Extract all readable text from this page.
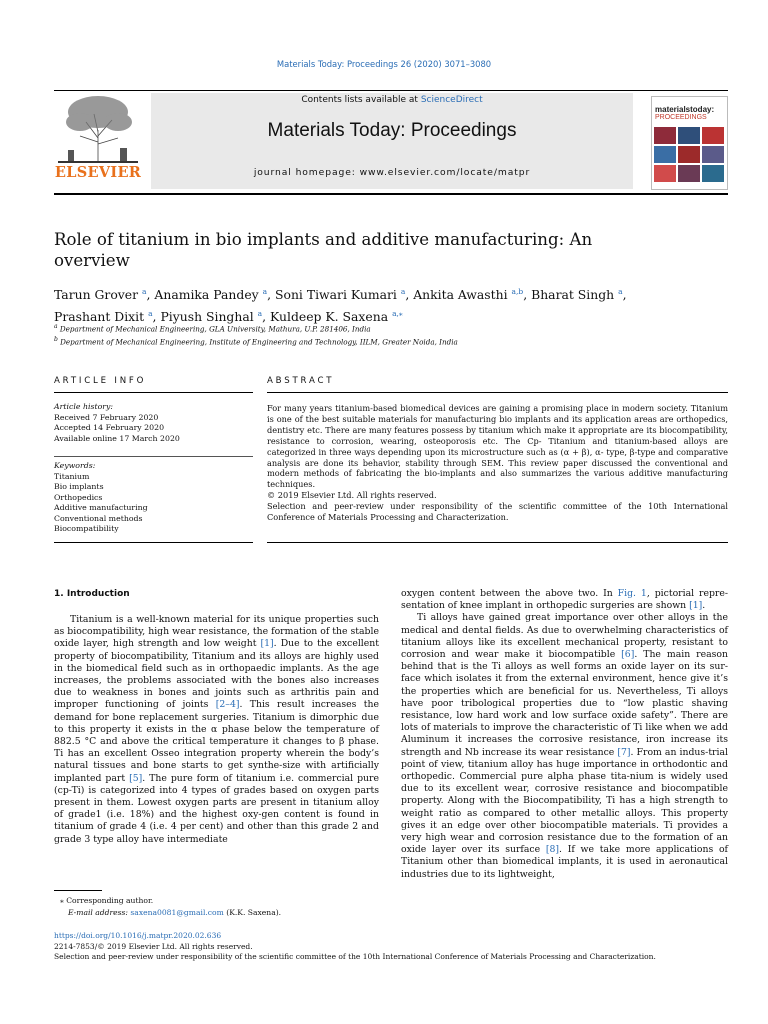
Materials Today: Proceedings 26 (2020) 3071–3080
ELSEVIER
Contents lists available at ScienceDirect
Materials Today: Proceedings
journal homepage: www.elsevier.com/locate/matpr
materialstoday:
PROCEEDINGS
Role of titanium in bio implants and additive manufacturing: An overview
Tarun Grover $^a$, Anamika Pandey $^a$, Soni Tiwari Kumari $^a$, Ankita Awasthi $^{a,b}$, Bharat Singh $^a$,
Prashant Dixit $^a$, Piyush Singhal $^a$, Kuldeep K. Saxena $^{a,⁎}$
$^a$ Department of Mechanical Engineering, GLA University, Mathura, U.P. 281406, India
$^b$ Department of Mechanical Engineering, Institute of Engineering and Technology, IILM, Greater Noida, India
ARTICLE INFO	ABSTRACT
Article history:
Received 7 February 2020
Accepted 14 February 2020
Available online 17 March 2020
Keywords:
Titanium
Bio implants
Orthopedics
Additive manufacturing
Conventional methods
Biocompatibility
For many years titanium-based biomedical devices are gaining a promising place in modern society. Titanium is one of the best suitable materials for manufacturing bio implants and its application areas are orthopedics, dentistry etc. There are many features possess by titanium which make it appropriate are its biocompatibility, resistance to corrosion, wearing, osteoporosis etc. The Cp- Titanium and titanium-based alloys are categorized in three ways depending upon its microstructure such as (α + β), α- type, β-type and comparative analysis are done its behavior, stability through SEM. This review paper discussed the conventional and modern methods of fabricating the bio-implants and also summarizes the various additive manufacturing techniques.
© 2019 Elsevier Ltd. All rights reserved.
Selection and peer-review under responsibility of the scientific committee of the 10th International Conference of Materials Processing and Characterization.
1. Introduction

Titanium is a well-known material for its unique properties such as biocompatibility, high wear resistance, the formation of the stable oxide layer, high strength and low weight [1]. Due to the excellent property of biocompatibility, Titanium and its alloys are highly used in the biomedical field such as in orthopaedic implants. As the age increases, the problems associated with the bones also increases due to weakness in bones and joints such as arthritis pain and improper functioning of joints [2–4]. This result increases the demand for bone replacement surgeries. Titanium is dimorphic due to this property it exists in the α phase below the temperature of 882.5 °C and above the critical temperature it changes to β phase. Ti has an excellent Osseo integration property wherein the body’s natural tissues and bone starts to get synthe-size with artificially implanted part [5]. The pure form of titanium i.e. commercial pure (cp-Ti) is categorized into 4 types of grades based on oxygen parts present in them. Lowest oxygen parts are present in titanium alloy of grade1 (i.e. 18%) and the highest oxy-gen content is found in titanium of grade 4 (i.e. 4 per cent) and other than this grade 2 and grade 3 type alloy have intermediate

oxygen content between the above two. In Fig. 1, pictorial repre-sentation of knee implant in orthopedic surgeries are shown [1].

Ti alloys have gained great importance over other alloys in the medical and dental fields. As due to overwhelming characteristics of titanium alloys like its excellent mechanical property, resistant to corrosion and wear make it biocompatible [6]. The main reason behind that is the Ti alloys as well forms an oxide layer on its sur-face which isolates it from the external environment, hence give it’s the properties which are beneficial for us. Nevertheless, Ti alloys have poor tribological properties due to “low plastic shaving resistance, low hard work and low surface oxide safety”. There are lots of materials to improve the characteristic of Ti like when we add Aluminum it increases the corrosive resistance, iron increase its strength and Nb increase its wear resistance [7]. From an indus-trial point of view, titanium alloy has huge importance in orthodontic and orthopedic. Commercial pure alpha phase tita-nium is widely used due to its excellent wear, corrosive resistance and biocompatible property. Along with the Biocompatibility, Ti has a high strength to weight ratio as compared to other metallic alloys. This property gives it an edge over other biocompatible materials. Ti provides a very high wear and corrosion resistance due to the formation of an oxide layer over its surface [8]. If we take more applications of Titanium other than biomedical implants, it is used in aeronautical industries due to its lightweight,

⁎ Corresponding author.
E-mail address: saxena0081@gmail.com (K.K. Saxena).
https://doi.org/10.1016/j.matpr.2020.02.636
2214-7853/© 2019 Elsevier Ltd. All rights reserved.
Selection and peer-review under responsibility of the scientific committee of the 10th International Conference of Materials Processing and Characterization.
